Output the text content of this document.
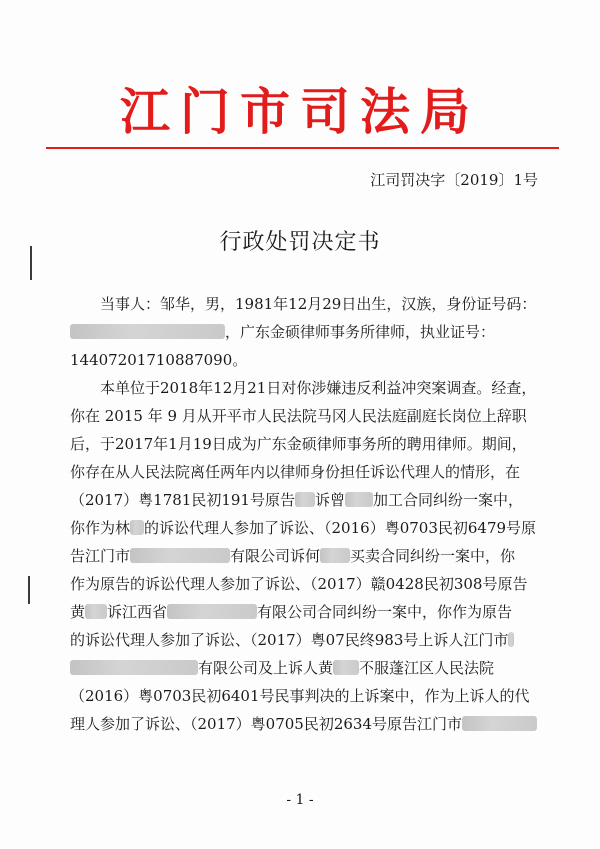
江门市司法局
江司罚决字〔2019〕1号
行政处罚决定书
当事人：邹华，男，1981年12月29日出生，汉族，身份证号码：
，广东金硕律师事务所律师，执业证号：
14407201710887090。
本单位于2018年12月21日对你涉嫌违反利益冲突案调查。经查，
你在 2015 年 9 月从开平市人民法院马冈人民法庭副庭长岗位上辞职
后，于2017年1月19日成为广东金硕律师事务所的聘用律师。期间，
你存在从人民法院离任两年内以律师身份担任诉讼代理人的情形，在
（2017）粤1781民初191号原告 诉曾 加工合同纠纷一案中，
你作为林 的诉讼代理人参加了诉讼、（2016）粤0703民初6479号原
告江门市	有限公司诉何 买卖合同纠纷一案中，你
作为原告的诉讼代理人参加了诉讼、（2017）赣0428民初308号原告
黄 诉江西省	有限公司合同纠纷一案中，你作为原告
的诉讼代理人参加了诉讼、（2017）粤07民终983号上诉人江门市
有限公司及上诉人黄 不服蓬江区人民法院
（2016）粤0703民初6401号民事判决的上诉案中，作为上诉人的代
理人参加了诉讼、（2017）粤0705民初2634号原告江门市
- 1 -
